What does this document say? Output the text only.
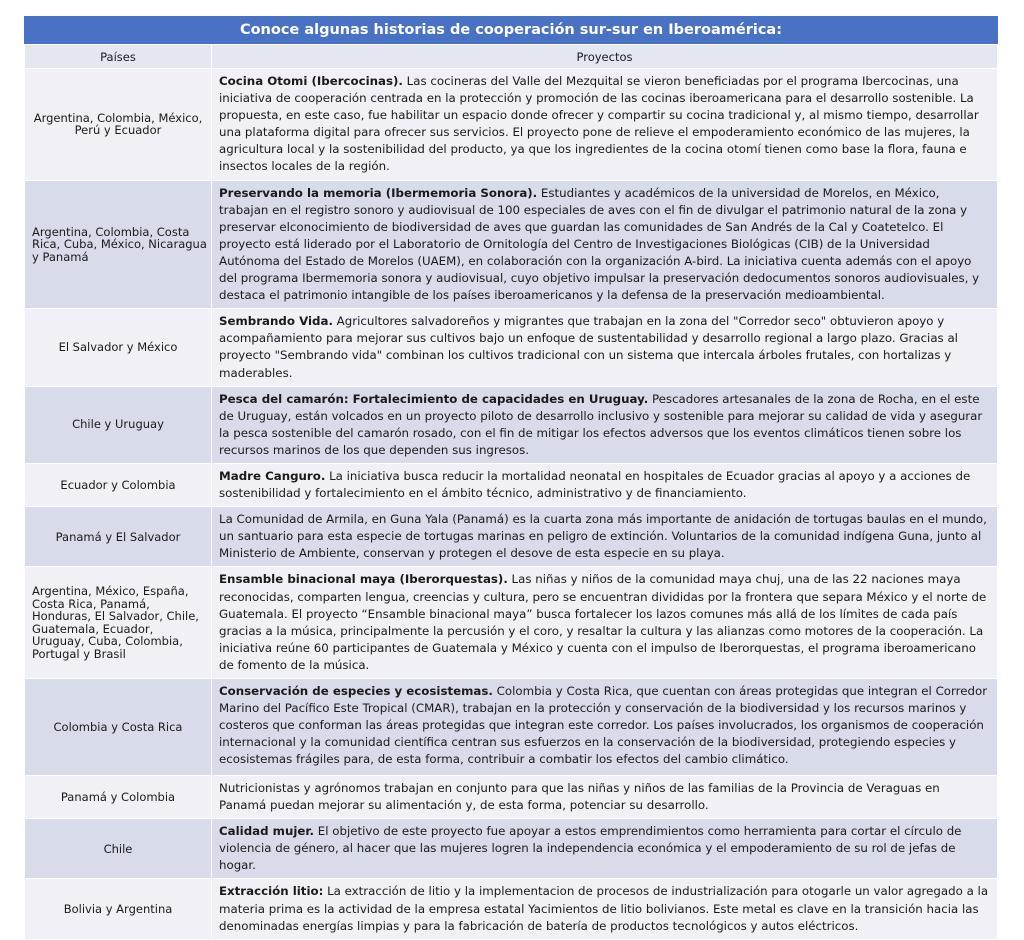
Conoce algunas historias de cooperación sur-sur en Iberoamérica:
Países	Proyectos
Argentina, Colombia, México, Perú y Ecuador	Cocina Otomi (Ibercocinas). Las cocineras del Valle del Mezquital se vieron beneficiadas por el programa Ibercocinas, una iniciativa de cooperación centrada en la protección y promoción de las cocinas iberoamericana para el desarrollo sostenible. La propuesta, en este caso, fue habilitar un espacio donde ofrecer y compartir su cocina tradicional y, al mismo tiempo, desarrollar una plataforma digital para ofrecer sus servicios. El proyecto pone de relieve el empoderamiento económico de las mujeres, la agricultura local y la sostenibilidad del producto, ya que los ingredientes de la cocina otomí tienen como base la flora, fauna e insectos locales de la región.
Argentina, Colombia, Costa Rica, Cuba, México, Nicaragua y Panamá	Preservando la memoria (Ibermemoria Sonora). Estudiantes y académicos de la universidad de Morelos, en México, trabajan en el registro sonoro y audiovisual de 100 especiales de aves con el fin de divulgar el patrimonio natural de la zona y preservar elconocimiento de biodiversidad de aves que guardan las comunidades de San Andrés de la Cal y Coatetelco. El proyecto está liderado por el Laboratorio de Ornitología del Centro de Investigaciones Biológicas (CIB) de la Universidad Autónoma del Estado de Morelos (UAEM), en colaboración con la organización A-bird. La iniciativa cuenta además con el apoyo del programa Ibermemoria sonora y audiovisual, cuyo objetivo impulsar la preservación dedocumentos sonoros audiovisuales, y destaca el patrimonio intangible de los países iberoamericanos y la defensa de la preservación medioambiental.
El Salvador y México	Sembrando Vida. Agricultores salvadoreños y migrantes que trabajan en la zona del "Corredor seco" obtuvieron apoyo y acompañamiento para mejorar sus cultivos bajo un enfoque de sustentabilidad y desarrollo regional a largo plazo. Gracias al proyecto "Sembrando vida" combinan los cultivos tradicional con un sistema que intercala árboles frutales, con hortalizas y maderables.
Chile y Uruguay	Pesca del camarón: Fortalecimiento de capacidades en Uruguay. Pescadores artesanales de la zona de Rocha, en el este de Uruguay, están volcados en un proyecto piloto de desarrollo inclusivo y sostenible para mejorar su calidad de vida y asegurar la pesca sostenible del camarón rosado, con el fin de mitigar los efectos adversos que los eventos climáticos tienen sobre los recursos marinos de los que dependen sus ingresos.
Ecuador y Colombia	Madre Canguro. La iniciativa busca reducir la mortalidad neonatal en hospitales de Ecuador gracias al apoyo y a acciones de sostenibilidad y fortalecimiento en el ámbito técnico, administrativo y de financiamiento.
Panamá y El Salvador	La Comunidad de Armila, en Guna Yala (Panamá) es la cuarta zona más importante de anidación de tortugas baulas en el mundo, un santuario para esta especie de tortugas marinas en peligro de extinción. Voluntarios de la comunidad indígena Guna, junto al Ministerio de Ambiente, conservan y protegen el desove de esta especie en su playa.
Argentina, México, España, Costa Rica, Panamá, Honduras, El Salvador, Chile, Guatemala, Ecuador, Uruguay, Cuba, Colombia, Portugal y Brasil	Ensamble binacional maya (Iberorquestas). Las niñas y niños de la comunidad maya chuj, una de las 22 naciones maya reconocidas, comparten lengua, creencias y cultura, pero se encuentran divididas por la frontera que separa México y el norte de Guatemala. El proyecto “Ensamble binacional maya” busca fortalecer los lazos comunes más allá de los límites de cada país gracias a la música, principalmente la percusión y el coro, y resaltar la cultura y las alianzas como motores de la cooperación. La iniciativa reúne 60 participantes de Guatemala y México y cuenta con el impulso de Iberorquestas, el programa iberoamericano de fomento de la música.
Colombia y Costa Rica	Conservación de especies y ecosistemas. Colombia y Costa Rica, que cuentan con áreas protegidas que integran el Corredor Marino del Pacífico Este Tropical (CMAR), trabajan en la protección y conservación de la biodiversidad y los recursos marinos y costeros que conforman las áreas protegidas que integran este corredor. Los países involucrados, los organismos de cooperación internacional y la comunidad científica centran sus esfuerzos en la conservación de la biodiversidad, protegiendo especies y ecosistemas frágiles para, de esta forma, contribuir a combatir los efectos del cambio climático.
Panamá y Colombia	Nutricionistas y agrónomos trabajan en conjunto para que las niñas y niños de las familias de la Provincia de Veraguas en Panamá puedan mejorar su alimentación y, de esta forma, potenciar su desarrollo.
Chile	Calidad mujer. El objetivo de este proyecto fue apoyar a estos emprendimientos como herramienta para cortar el círculo de violencia de género, al hacer que las mujeres logren la independencia económica y el empoderamiento de su rol de jefas de hogar.
Bolivia y Argentina	Extracción litio: La extracción de litio y la implementacion de procesos de industrialización para otogarle un valor agregado a la materia prima es la actividad de la empresa estatal Yacimientos de litio bolivianos. Este metal es clave en la transición hacia las denominadas energías limpias y para la fabricación de batería de productos tecnológicos y autos eléctricos.
